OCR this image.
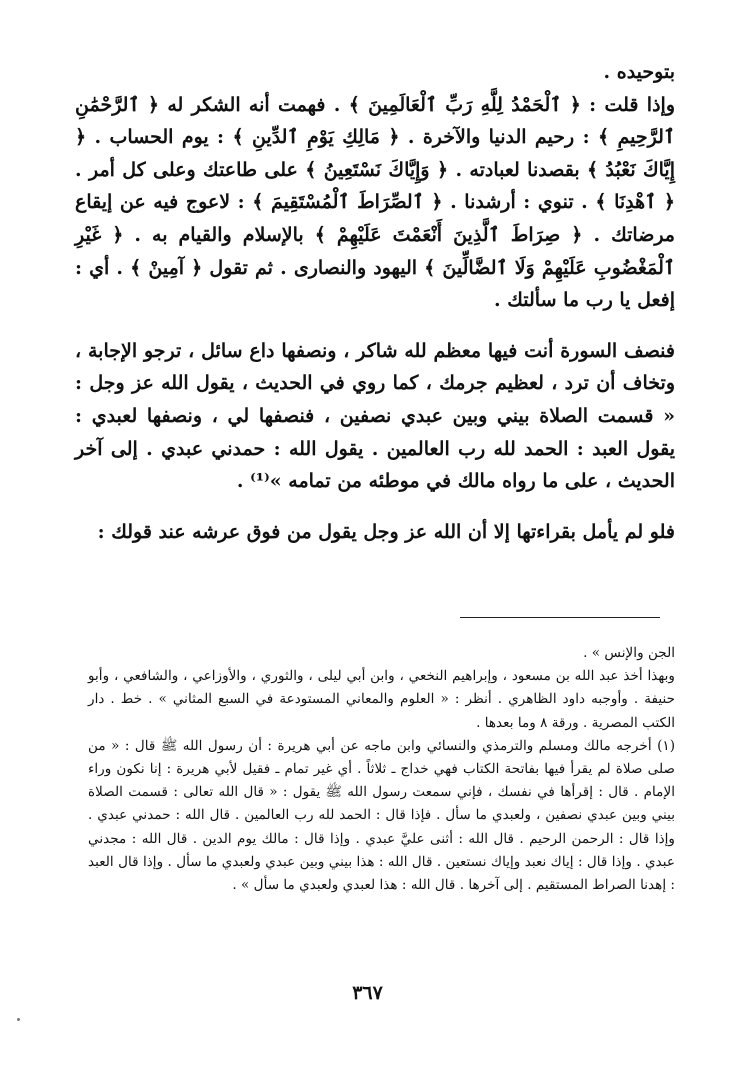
بتوحيده .

وإذا قلت : ﴿ ٱلْحَمْدُ لِلَّهِ رَبِّ ٱلْعَالَمِينَ ﴾ . فهمت أنه الشكر له ﴿ ٱلرَّحْمَٰنِ ٱلرَّحِيمِ ﴾ : رحيم الدنيا والآخرة . ﴿ مَالِكِ يَوْمِ ٱلدِّينِ ﴾ : يوم الحساب . ﴿ إِيَّاكَ نَعْبُدُ ﴾ بقصدنا لعبادته . ﴿ وَإِيَّاكَ نَسْتَعِينُ ﴾ على طاعتك وعلى كل أمر . ﴿ ٱهْدِنَا ﴾ . تنوي : أرشدنا . ﴿ ٱلصِّرَاطَ ٱلْمُسْتَقِيمَ ﴾ : لاعوج فيه عن إيقاع مرضاتك . ﴿ صِرَاطَ ٱلَّذِينَ أَنْعَمْتَ عَلَيْهِمْ ﴾ بالإسلام والقيام به . ﴿ غَيْرِ ٱلْمَغْضُوبِ عَلَيْهِمْ وَلَا ٱلضَّالِّينَ ﴾ اليهود والنصارى . ثم تقول ﴿ آمِينْ ﴾ . أي : إفعل يا رب ما سألتك .

فنصف السورة أنت فيها معظم لله شاكر ، ونصفها داع سائل ، ترجو الإجابة ، وتخاف أن ترد ، لعظيم جرمك ، كما روي في الحديث ، يقول الله عز وجل : « قسمت الصلاة بيني وبين عبدي نصفين ، فنصفها لي ، ونصفها لعبدي : يقول العبد : الحمد لله رب العالمين . يقول الله : حمدني عبدي . إلى آخر الحديث ، على ما رواه مالك في موطئه من تمامه »⁽¹⁾ .

فلو لم يأمل بقراءتها إلا أن الله عز وجل يقول من فوق عرشه عند قولك :

الجن والإنس » .

وبهذا أخذ عبد الله بن مسعود ، وإبراهيم النخعي ، وابن أبي ليلى ، والثوري ، والأوزاعي ، والشافعي ، وأبو حنيفة . وأوجبه داود الظاهري . أنظر : « العلوم والمعاني المستودعة في السبع المثاني » . خط . دار الكتب المصرية . ورقة ٨ وما بعدها .

(١) أخرجه مالك ومسلم والترمذي والنسائي وابن ماجه عن أبي هريرة : أن رسول الله ﷺ قال : « من صلى صلاة لم يقرأ فيها بفاتحة الكتاب فهي خداج ـ ثلاثاً . أي غير تمام ـ فقيل لأبي هريرة : إنا نكون وراء الإمام . قال : إقرأها في نفسك ، فإني سمعت رسول الله ﷺ يقول : « قال الله تعالى : قسمت الصلاة بيني وبين عبدي نصفين ، ولعبدي ما سأل . فإذا قال : الحمد لله رب العالمين . قال الله : حمدني عبدي . وإذا قال : الرحمن الرحيم . قال الله : أثنى عليَّ عبدي . وإذا قال : مالك يوم الدين . قال الله : مجدني عبدي . وإذا قال : إياك نعبد وإياك نستعين . قال الله : هذا بيني وبين عبدي ولعبدي ما سأل . وإذا قال العبد : إهدنا الصراط المستقيم . إلى آخرها . قال الله : هذا لعبدي ولعبدي ما سأل » .

٣٦٧
